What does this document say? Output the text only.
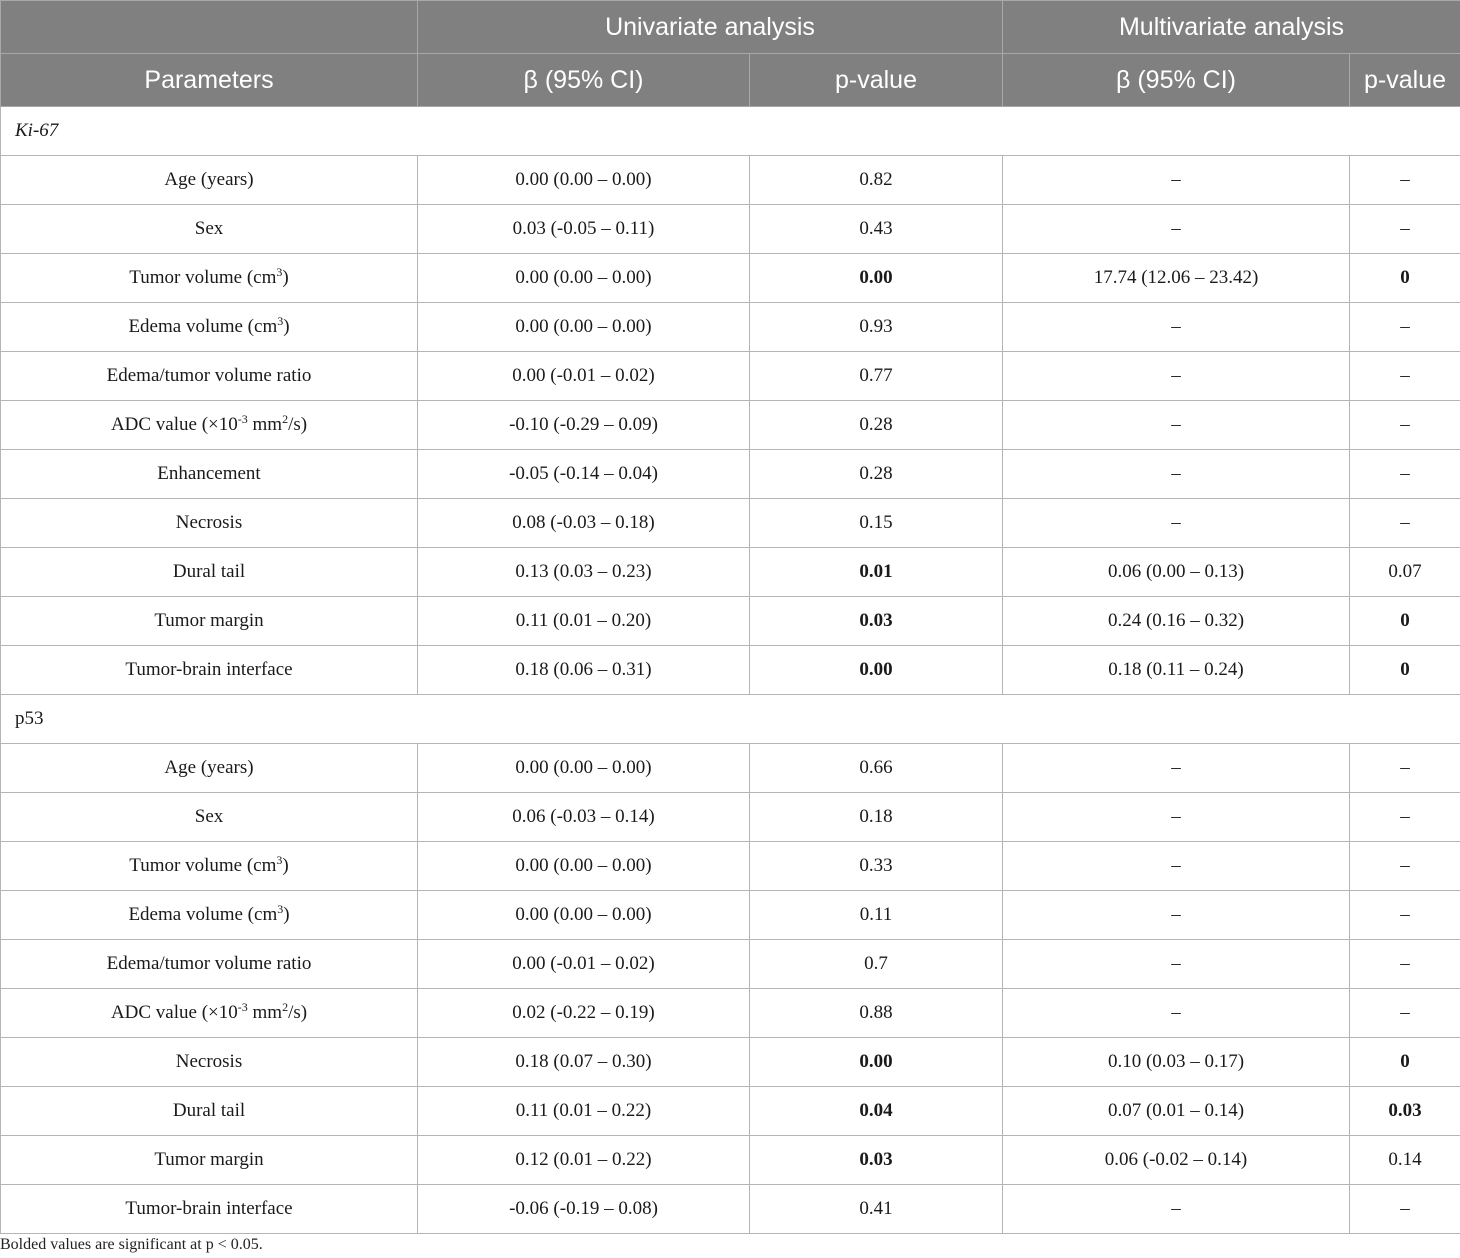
	Univariate analysis		Multivariate analysis	
Parameters	β (95% CI)	p-value	β (95% CI)	p-value
Ki-67				
Age (years)	0.00 (0.00 – 0.00)	0.82	–	–
Sex	0.03 (-0.05 – 0.11)	0.43	–	–
Tumor volume $(cm^3)$	0.00 (0.00 – 0.00)	0.00	17.74 (12.06 – 23.42)	0
Edema volume $(cm^3)$	0.00 (0.00 – 0.00)	0.93	–	–
Edema/tumor volume ratio	0.00 (-0.01 – 0.02)	0.77	–	–
ADC value ($\times 10^{-3}$ $mm^2/s$)	-0.10 (-0.29 – 0.09)	0.28	–	–
Enhancement	-0.05 (-0.14 – 0.04)	0.28	–	–
Necrosis	0.08 (-0.03 – 0.18)	0.15	–	–
Dural tail	0.13 (0.03 – 0.23)	0.01	0.06 (0.00 – 0.13)	0.07
Tumor margin	0.11 (0.01 – 0.20)	0.03	0.24 (0.16 – 0.32)	0
Tumor-brain interface	0.18 (0.06 – 0.31)	0.00	0.18 (0.11 – 0.24)	0
p53				
Age (years)	0.00 (0.00 – 0.00)	0.66	–	–
Sex	0.06 (-0.03 – 0.14)	0.18	–	–
Tumor volume $(cm^3)$	0.00 (0.00 – 0.00)	0.33	–	–
Edema volume $(cm^3)$	0.00 (0.00 – 0.00)	0.11	–	–
Edema/tumor volume ratio	0.00 (-0.01 – 0.02)	0.7	–	–
ADC value ($\times 10^{-3}$ $mm^2/s$)	0.02 (-0.22 – 0.19)	0.88	–	–
Necrosis	0.18 (0.07 – 0.30)	0.00	0.10 (0.03 – 0.17)	0
Dural tail	0.11 (0.01 – 0.22)	0.04	0.07 (0.01 – 0.14)	0.03
Tumor margin	0.12 (0.01 – 0.22)	0.03	0.06 (-0.02 – 0.14)	0.14
Tumor-brain interface	-0.06 (-0.19 – 0.08)	0.41	–	–

Bolded values are significant at p < 0.05.
